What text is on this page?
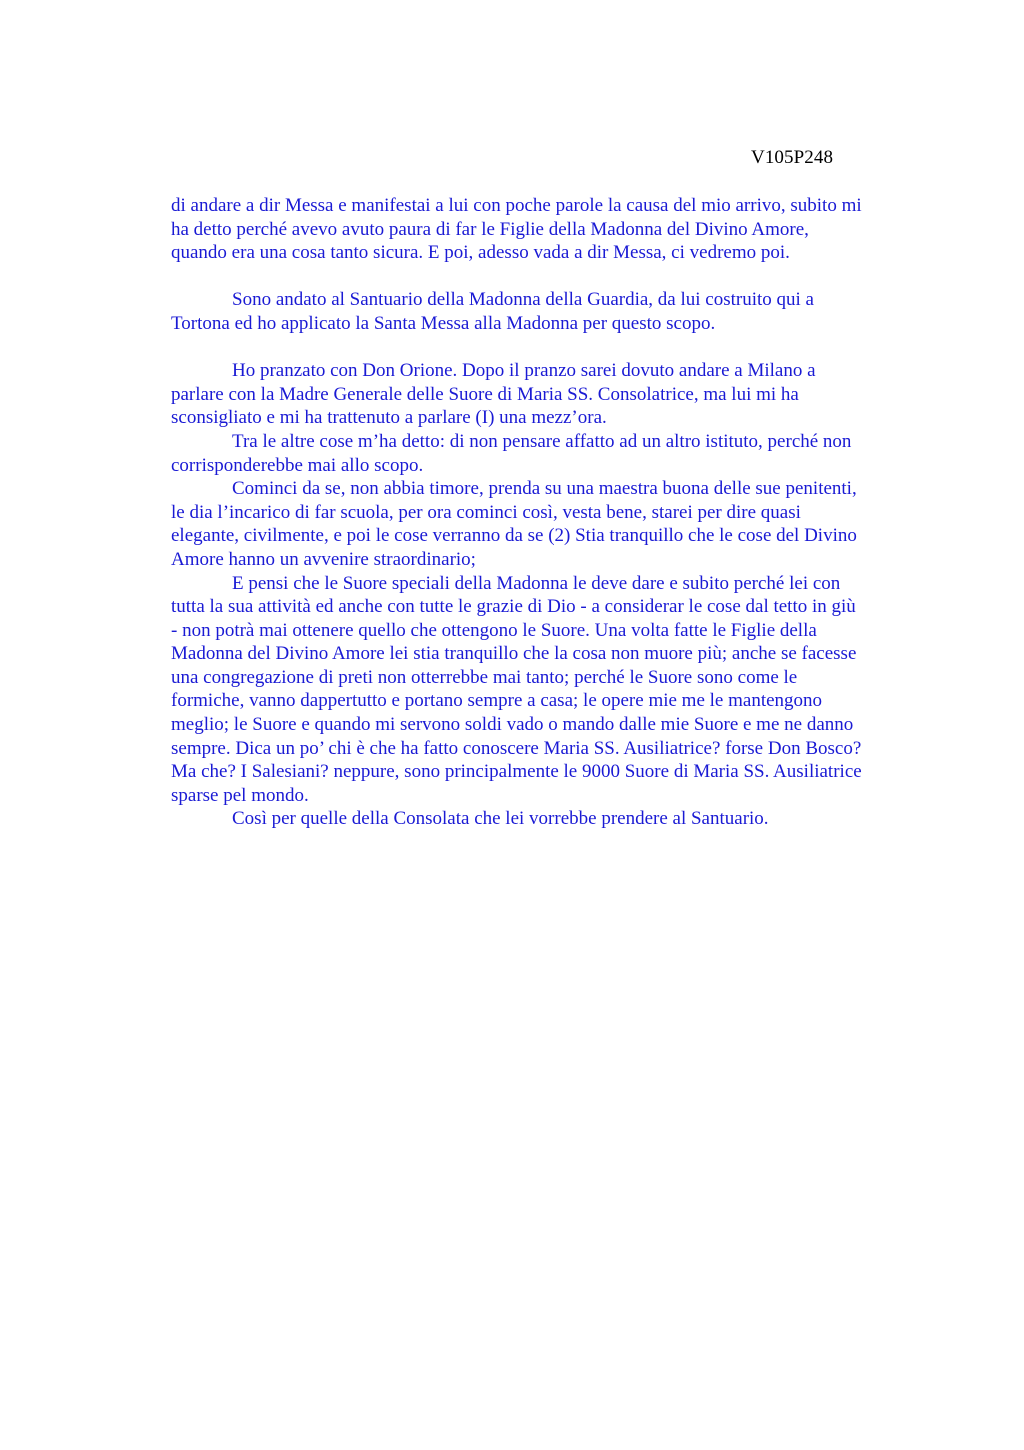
V105P248

di andare a dir Messa e manifestai a lui con poche parole la causa del mio arrivo, subito mi
ha detto perché avevo avuto paura di far le Figlie della Madonna del Divino Amore,
quando era una cosa tanto sicura. E poi, adesso vada a dir Messa, ci vedremo poi.

Sono andato al Santuario della Madonna della Guardia, da lui costruito qui a
Tortona ed ho applicato la Santa Messa alla Madonna per questo scopo.

Ho pranzato con Don Orione. Dopo il pranzo sarei dovuto andare a Milano a
parlare con la Madre Generale delle Suore di Maria SS. Consolatrice, ma lui mi ha
sconsigliato e mi ha trattenuto a parlare (I) una mezz’ora.

Tra le altre cose m’ha detto: di non pensare affatto ad un altro istituto, perché non
corrisponderebbe mai allo scopo.

Cominci da se, non abbia timore, prenda su una maestra buona delle sue penitenti,
le dia l’incarico di far scuola, per ora cominci così, vesta bene, starei per dire quasi
elegante, civilmente, e poi le cose verranno da se (2) Stia tranquillo che le cose del Divino
Amore hanno un avvenire straordinario;

E pensi che le Suore speciali della Madonna le deve dare e subito perché lei con
tutta la sua attività ed anche con tutte le grazie di Dio - a considerar le cose dal tetto in giù
- non potrà mai ottenere quello che ottengono le Suore. Una volta fatte le Figlie della
Madonna del Divino Amore lei stia tranquillo che la cosa non muore più; anche se facesse
una congregazione di preti non otterrebbe mai tanto; perché le Suore sono come le
formiche, vanno dappertutto e portano sempre a casa; le opere mie me le mantengono
meglio; le Suore e quando mi servono soldi vado o mando dalle mie Suore e me ne danno
sempre. Dica un po’ chi è che ha fatto conoscere Maria SS. Ausiliatrice? forse Don Bosco?
Ma che? I Salesiani? neppure, sono principalmente le 9000 Suore di Maria SS. Ausiliatrice
sparse pel mondo.

Così per quelle della Consolata che lei vorrebbe prendere al Santuario.
